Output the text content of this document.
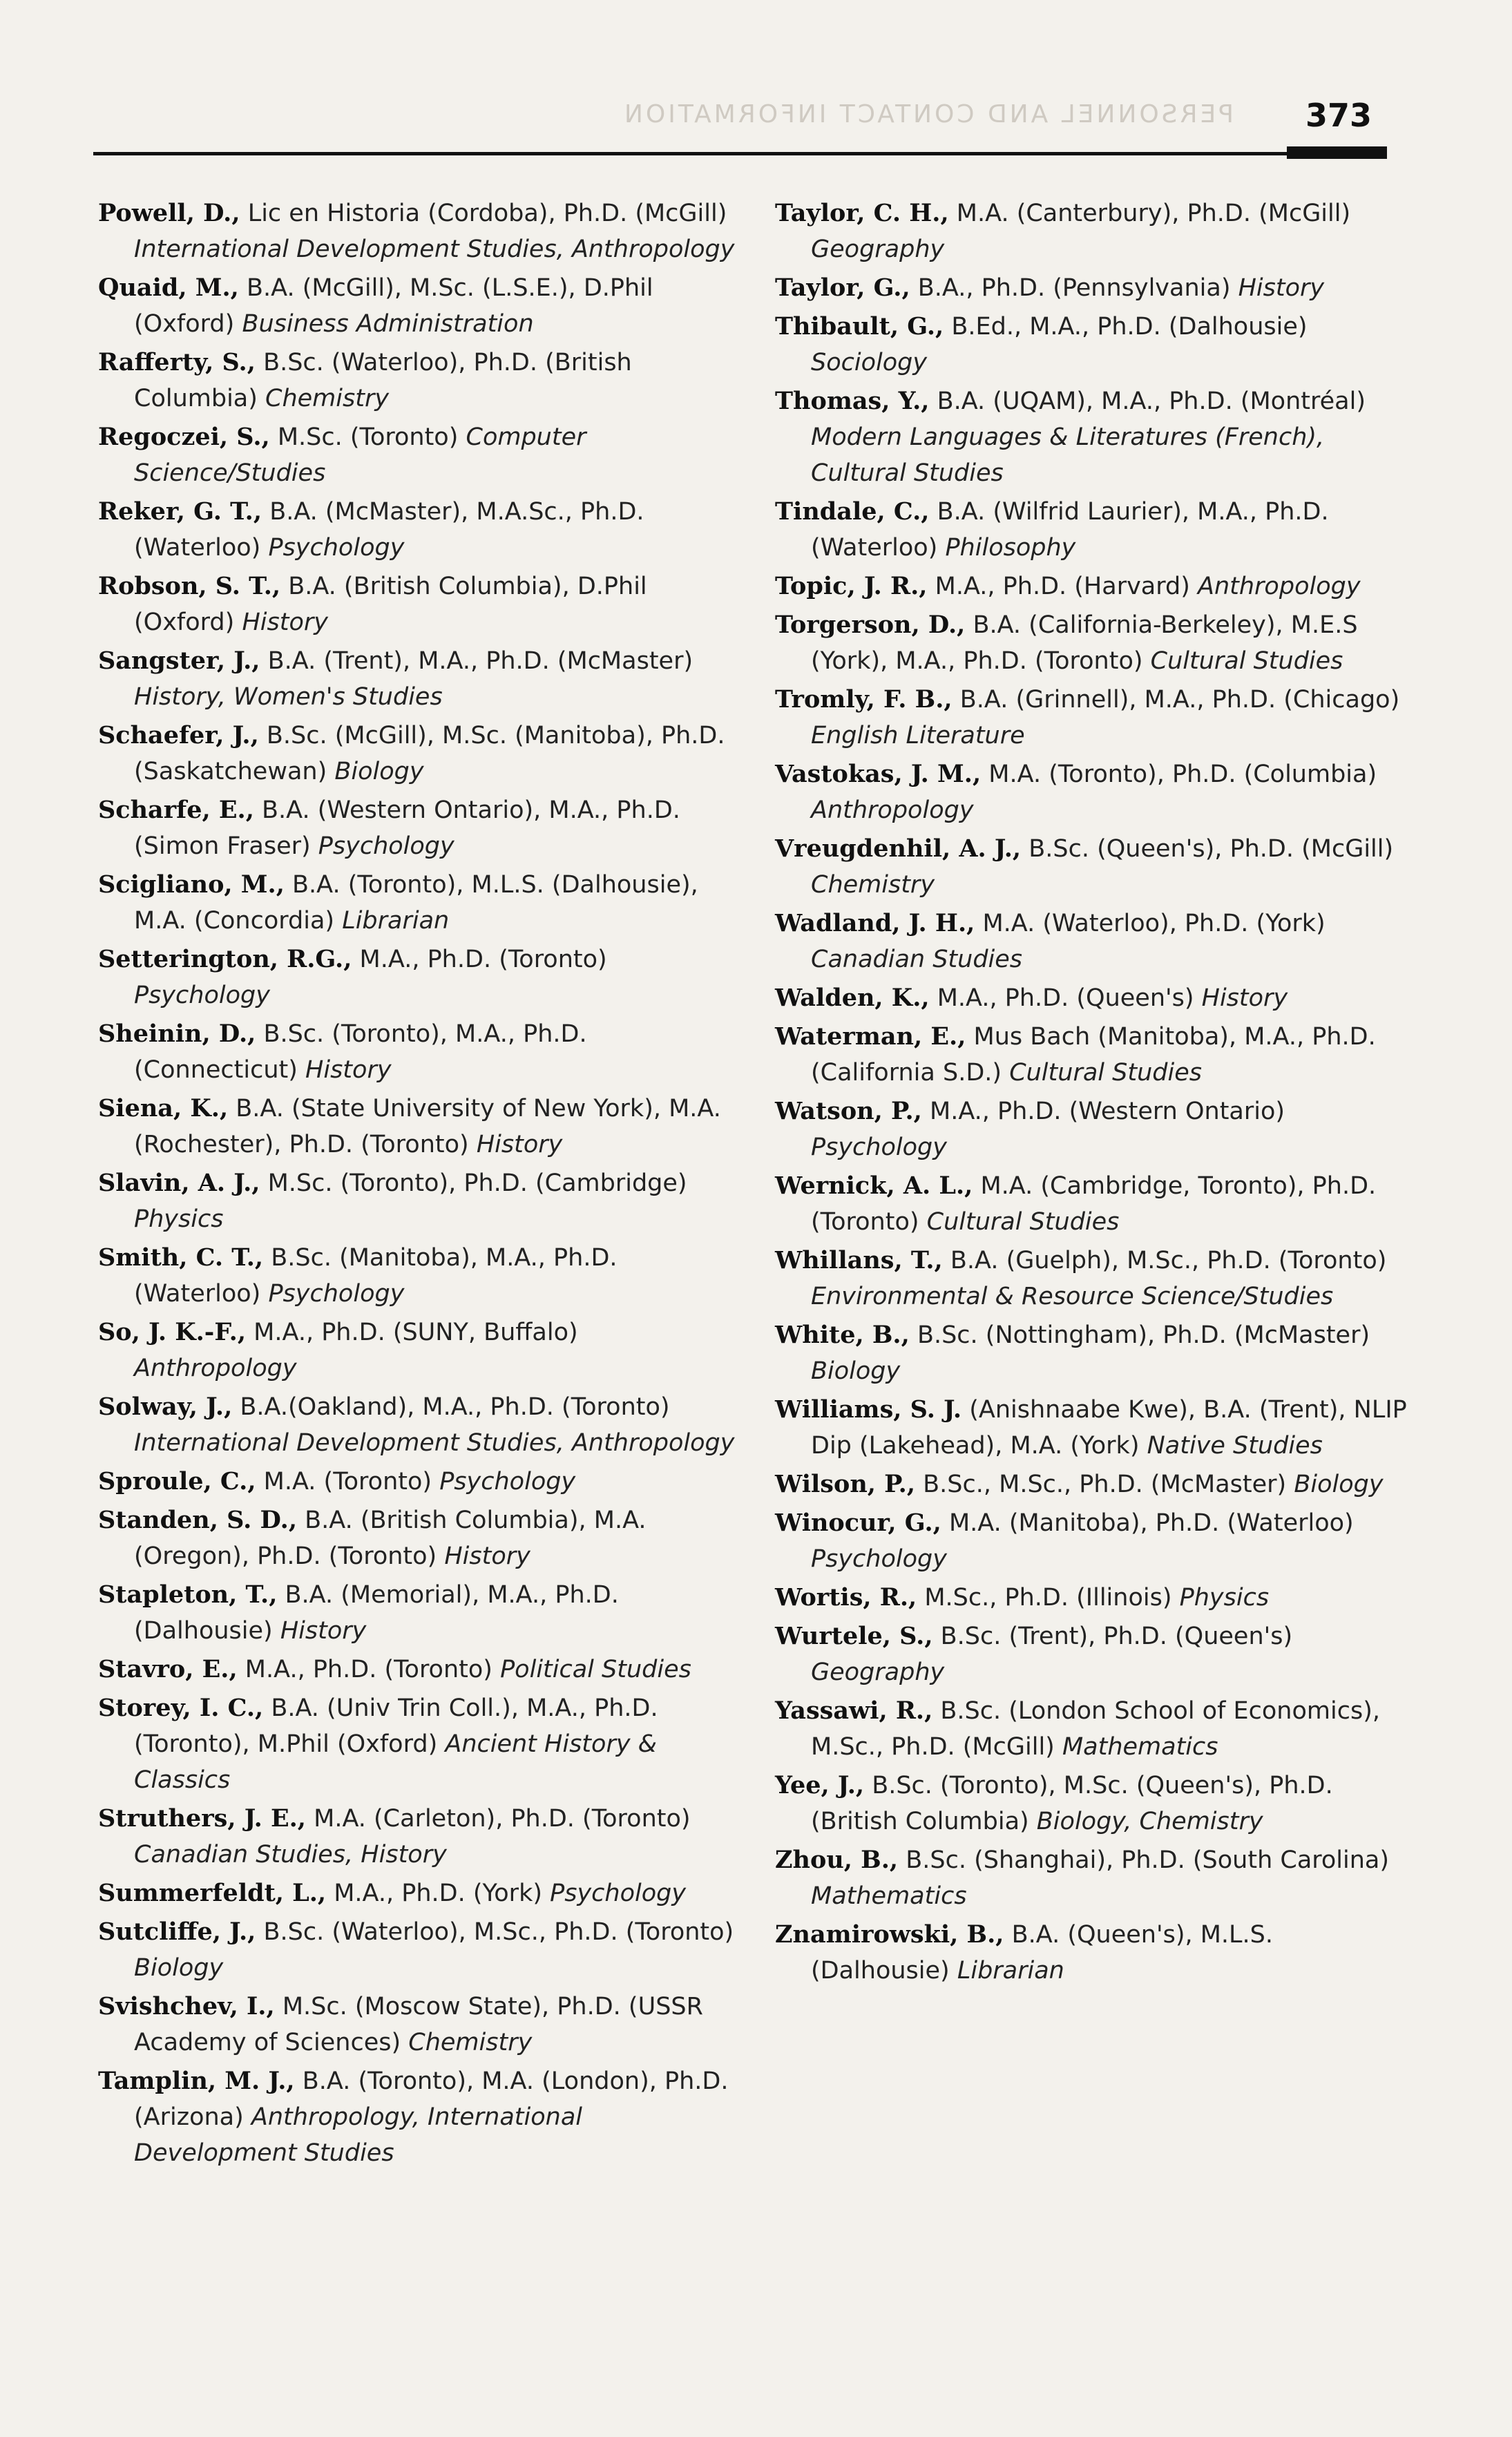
PERSONNEL AND CONTACT INFORMATION 373

Powell, D., Lic en Historia (Cordoba), Ph.D. (McGill) International Development Studies, Anthropology

Quaid, M., B.A. (McGill), M.Sc. (L.S.E.), D.Phil (Oxford) Business Administration

Rafferty, S., B.Sc. (Waterloo), Ph.D. (British Columbia) Chemistry

Regoczei, S., M.Sc. (Toronto) Computer Science/Studies

Reker, G. T., B.A. (McMaster), M.A.Sc., Ph.D. (Waterloo) Psychology

Robson, S. T., B.A. (British Columbia), D.Phil (Oxford) History

Sangster, J., B.A. (Trent), M.A., Ph.D. (McMaster) History, Women's Studies

Schaefer, J., B.Sc. (McGill), M.Sc. (Manitoba), Ph.D. (Saskatchewan) Biology

Scharfe, E., B.A. (Western Ontario), M.A., Ph.D. (Simon Fraser) Psychology

Scigliano, M., B.A. (Toronto), M.L.S. (Dalhousie), M.A. (Concordia) Librarian

Setterington, R.G., M.A., Ph.D. (Toronto) Psychology

Sheinin, D., B.Sc. (Toronto), M.A., Ph.D. (Connecticut) History

Siena, K., B.A. (State University of New York), M.A. (Rochester), Ph.D. (Toronto) History

Slavin, A. J., M.Sc. (Toronto), Ph.D. (Cambridge) Physics

Smith, C. T., B.Sc. (Manitoba), M.A., Ph.D. (Waterloo) Psychology

So, J. K.-F., M.A., Ph.D. (SUNY, Buffalo) Anthropology

Solway, J., B.A.(Oakland), M.A., Ph.D. (Toronto) International Development Studies, Anthropology

Sproule, C., M.A. (Toronto) Psychology

Standen, S. D., B.A. (British Columbia), M.A. (Oregon), Ph.D. (Toronto) History

Stapleton, T., B.A. (Memorial), M.A., Ph.D. (Dalhousie) History

Stavro, E., M.A., Ph.D. (Toronto) Political Studies

Storey, I. C., B.A. (Univ Trin Coll.), M.A., Ph.D. (Toronto), M.Phil (Oxford) Ancient History & Classics

Struthers, J. E., M.A. (Carleton), Ph.D. (Toronto) Canadian Studies, History

Summerfeldt, L., M.A., Ph.D. (York) Psychology

Sutcliffe, J., B.Sc. (Waterloo), M.Sc., Ph.D. (Toronto) Biology

Svishchev, I., M.Sc. (Moscow State), Ph.D. (USSR Academy of Sciences) Chemistry

Tamplin, M. J., B.A. (Toronto), M.A. (London), Ph.D. (Arizona) Anthropology, International Development Studies

Taylor, C. H., M.A. (Canterbury), Ph.D. (McGill) Geography

Taylor, G., B.A., Ph.D. (Pennsylvania) History

Thibault, G., B.Ed., M.A., Ph.D. (Dalhousie) Sociology

Thomas, Y., B.A. (UQAM), M.A., Ph.D. (Montréal) Modern Languages & Literatures (French), Cultural Studies

Tindale, C., B.A. (Wilfrid Laurier), M.A., Ph.D. (Waterloo) Philosophy

Topic, J. R., M.A., Ph.D. (Harvard) Anthropology

Torgerson, D., B.A. (California-Berkeley), M.E.S (York), M.A., Ph.D. (Toronto) Cultural Studies

Tromly, F. B., B.A. (Grinnell), M.A., Ph.D. (Chicago) English Literature

Vastokas, J. M., M.A. (Toronto), Ph.D. (Columbia) Anthropology

Vreugdenhil, A. J., B.Sc. (Queen's), Ph.D. (McGill) Chemistry

Wadland, J. H., M.A. (Waterloo), Ph.D. (York) Canadian Studies

Walden, K., M.A., Ph.D. (Queen's) History

Waterman, E., Mus Bach (Manitoba), M.A., Ph.D. (California S.D.) Cultural Studies

Watson, P., M.A., Ph.D. (Western Ontario) Psychology

Wernick, A. L., M.A. (Cambridge, Toronto), Ph.D. (Toronto) Cultural Studies

Whillans, T., B.A. (Guelph), M.Sc., Ph.D. (Toronto) Environmental & Resource Science/Studies

White, B., B.Sc. (Nottingham), Ph.D. (McMaster) Biology

Williams, S. J. (Anishnaabe Kwe), B.A. (Trent), NLIP Dip (Lakehead), M.A. (York) Native Studies

Wilson, P., B.Sc., M.Sc., Ph.D. (McMaster) Biology

Winocur, G., M.A. (Manitoba), Ph.D. (Waterloo) Psychology

Wortis, R., M.Sc., Ph.D. (Illinois) Physics

Wurtele, S., B.Sc. (Trent), Ph.D. (Queen's) Geography

Yassawi, R., B.Sc. (London School of Economics), M.Sc., Ph.D. (McGill) Mathematics

Yee, J., B.Sc. (Toronto), M.Sc. (Queen's), Ph.D. (British Columbia) Biology, Chemistry

Zhou, B., B.Sc. (Shanghai), Ph.D. (South Carolina) Mathematics

Znamirowski, B., B.A. (Queen's), M.L.S. (Dalhousie) Librarian
